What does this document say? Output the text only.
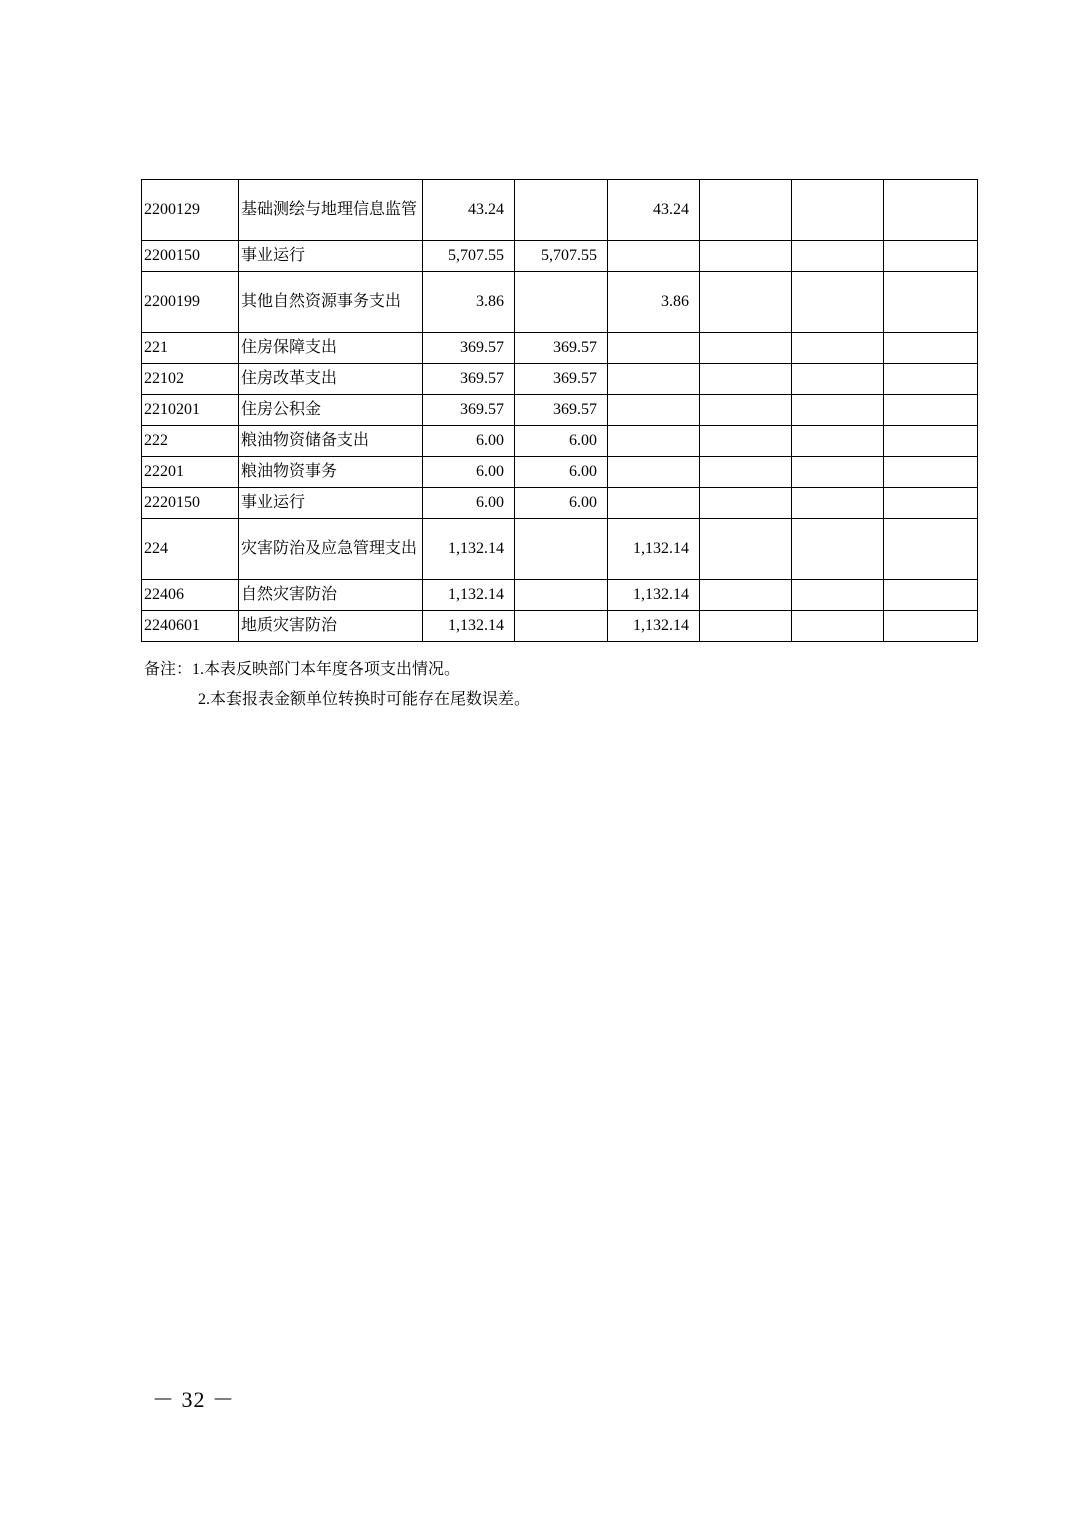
2200129	基础测绘与地理信息监管	43.24		43.24			
2200150	事业运行	5,707.55	5,707.55				
2200199	其他自然资源事务支出	3.86		3.86			
221	住房保障支出	369.57	369.57				
22102	住房改革支出	369.57	369.57				
2210201	住房公积金	369.57	369.57				
222	粮油物资储备支出	6.00	6.00				
22201	粮油物资事务	6.00	6.00				
2220150	事业运行	6.00	6.00				
224	灾害防治及应急管理支出	1,132.14		1,132.14			
22406	自然灾害防治	1,132.14		1,132.14			
2240601	地质灾害防治	1,132.14		1,132.14			
备注：1.本表反映部门本年度各项支出情况。
2.本套报表金额单位转换时可能存在尾数误差。
－ 32 －
